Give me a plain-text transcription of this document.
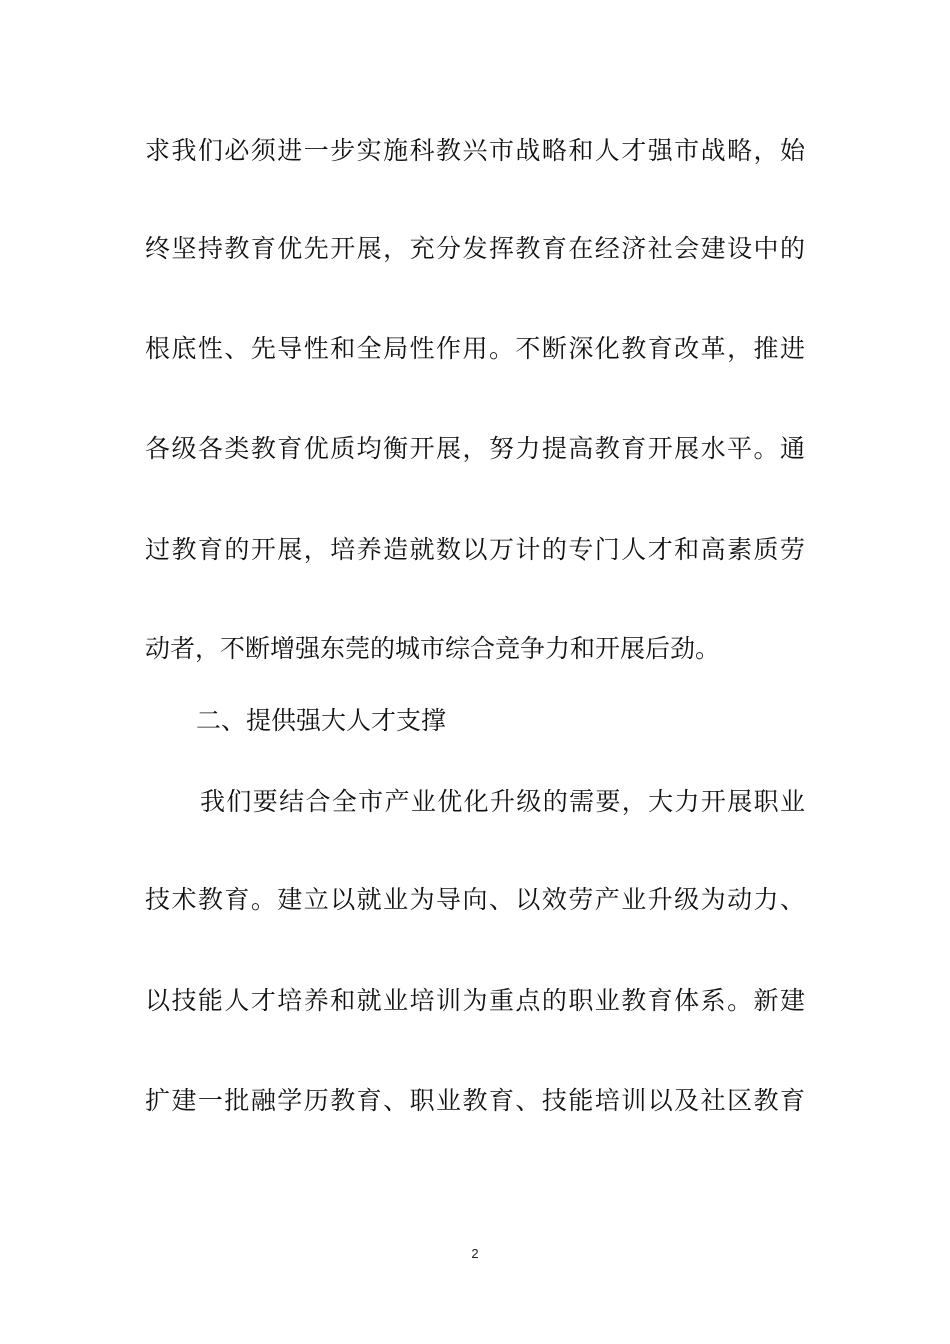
求我们必须进一步实施科教兴市战略和人才强市战略，始
终坚持教育优先开展，充分发挥教育在经济社会建设中的
根底性、先导性和全局性作用。不断深化教育改革，推进
各级各类教育优质均衡开展，努力提高教育开展水平。通
过教育的开展，培养造就数以万计的专门人才和高素质劳
动者，不断增强东莞的城市综合竞争力和开展后劲。
二、提供强大人才支撑
我们要结合全市产业优化升级的需要，大力开展职业
技术教育。建立以就业为导向、以效劳产业升级为动力、
以技能人才培养和就业培训为重点的职业教育体系。新建
扩建一批融学历教育、职业教育、技能培训以及社区教育
2
